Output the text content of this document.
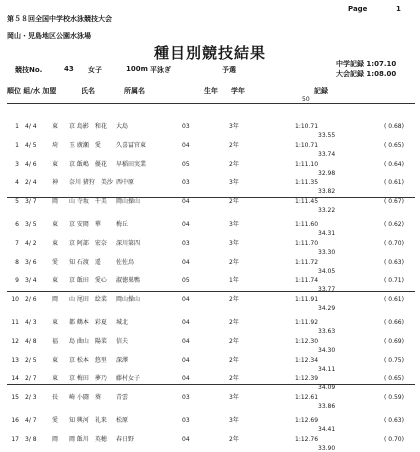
Page	1
第５８回全国中学校水泳競技大会
岡山・児島地区公園水泳場
種目別競技結果
競技No.	43 女子	100m 平泳ぎ	予選
中学記録 1:07.10
大会記録 1:08.00
順位 組/水 加盟	氏名	所属名	生年 学年	記録
50
1 4/ 4	東 京 島影　和花 大島	03	3年	1:10.71
33.55
( 0.68)
1 4/ 5	埼 玉 廣瀬　愛	久喜冨官東	04	2年	1:10.71
33.74
( 0.65)
3 4/ 6	東 京 飯嶋　優花 早稲田実業	05	2年	1:11.10
32.98
( 0.64)
4 2/ 4	神 奈川 猪狩　美沙 西中原	03	3年	1:11.35
33.82
( 0.61)
5 3/ 7	岡 山 寺坂　千美 岡山操山	04	2年	1:11.45
33.22
( 0.67)
6 3/ 5	東 京 安岡　華	梅丘	04	3年	1:11.60
34.31
( 0.62)
7 4/ 2	東 京 阿部　宏奈 深川第四	03	3年	1:11.70
33.30
( 0.70)
8 3/ 6	愛 知 石渡　遥	佐佐鳥	04	2年	1:11.72
34.05
( 0.63)
9 3/ 4	東 京 飯田　愛心 淑徳巣鴨	05	1年	1:11.74
33.77
( 0.71)
10 2/ 6	岡 山 尾田　絵菜 岡山操山	04	2年	1:11.91
34.29
( 0.61)
11 4/ 3	東 都 鶴本　彩夏 城北	04	2年	1:11.92
33.63
( 0.66)
12 4/ 8	福 島 曲山　陽菜 信夫	04	2年	1:12.30
34.30
( 0.69)
13 2/ 5	東 京 松本　悠里 深澤	04	2年	1:12.34
34.11
( 0.75)
14 2/ 7	東 京 梅田　夢乃 藤村女子	04	2年	1:12.39
34.09
( 0.65)
15 2/ 3	長 崎 小闘　葵	青雲	03	3年	1:12.61
33.86
( 0.59)
16 4/ 7	愛 知 興河　礼来 松原	03	3年	1:12.69
34.41
( 0.63)
17 3/ 8	岡 岡 飯川　英穂 春日野	04	2年	1:12.76
33.90
( 0.70)
